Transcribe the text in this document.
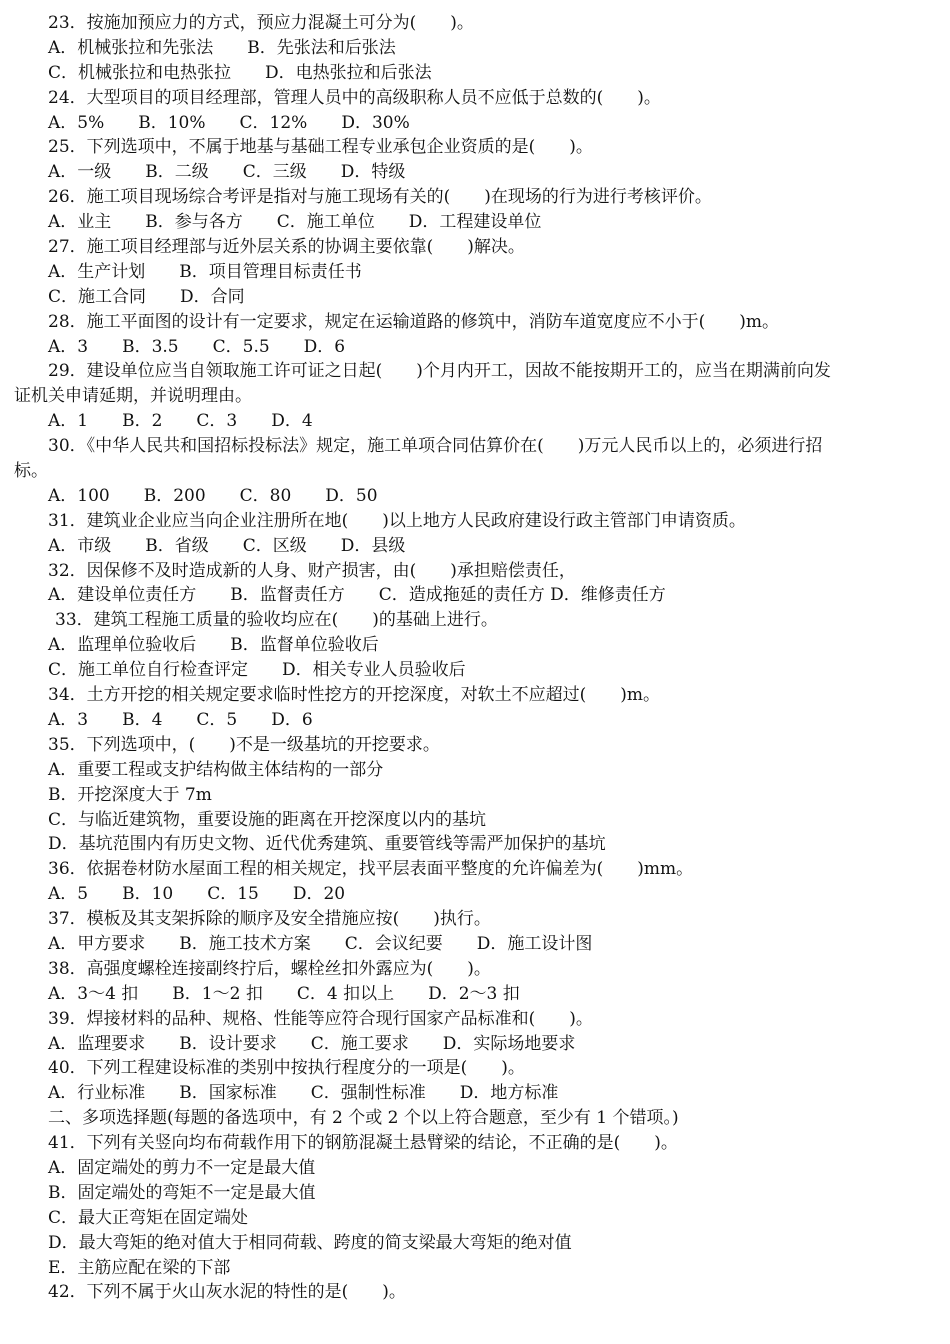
23．按施加预应力的方式，预应力混凝土可分为(　　)。
A．机械张拉和先张法　　B．先张法和后张法
C．机械张拉和电热张拉　　D．电热张拉和后张法
24．大型项目的项目经理部，管理人员中的高级职称人员不应低于总数的(　　)。
A．5%　　B．10%　　C．12%　　D．30%
25．下列选项中，不属于地基与基础工程专业承包企业资质的是(　　)。
A．一级　　B．二级　　C．三级　　D．特级
26．施工项目现场综合考评是指对与施工现场有关的(　　)在现场的行为进行考核评价。
A．业主　　B．参与各方　　C．施工单位　　D．工程建设单位
27．施工项目经理部与近外层关系的协调主要依靠(　　)解决。
A．生产计划　　B．项目管理目标责任书
C．施工合同　　D．合同
28．施工平面图的设计有一定要求，规定在运输道路的修筑中，消防车道宽度应不小于(　　)m。
A．3　　B．3.5　　C．5.5　　D．6
29．建设单位应当自领取施工许可证之日起(　　)个月内开工，因故不能按期开工的，应当在期满前向发
证机关申请延期，并说明理由。
A．1　　B．2　　C．3　　D．4
30．《中华人民共和国招标投标法》规定，施工单项合同估算价在(　　)万元人民币以上的，必须进行招
标。
A．100　　B．200　　C．80　　D．50
31．建筑业企业应当向企业注册所在地(　　)以上地方人民政府建设行政主管部门申请资质。
A．市级　　B．省级　　C．区级　　D．县级
32．因保修不及时造成新的人身、财产损害，由(　　)承担赔偿责任，
A．建设单位责任方　　B．监督责任方　　C．造成拖延的责任方 D．维修责任方
33．建筑工程施工质量的验收均应在(　　)的基础上进行。
A．监理单位验收后　　B．监督单位验收后
C．施工单位自行检查评定　　D．相关专业人员验收后
34．土方开挖的相关规定要求临时性挖方的开挖深度，对软土不应超过(　　)m。
A．3　　B．4　　C．5　　D．6
35．下列选项中，(　　)不是一级基坑的开挖要求。
A．重要工程或支护结构做主体结构的一部分
B．开挖深度大于 7m
C．与临近建筑物，重要设施的距离在开挖深度以内的基坑
D．基坑范围内有历史文物、近代优秀建筑、重要管线等需严加保护的基坑
36．依据卷材防水屋面工程的相关规定，找平层表面平整度的允许偏差为(　　)mm。
A．5　　B．10　　C．15　　D．20
37．模板及其支架拆除的顺序及安全措施应按(　　)执行。
A．甲方要求　　B．施工技术方案　　C．会议纪要　　D．施工设计图
38．高强度螺栓连接副终拧后，螺栓丝扣外露应为(　　)。
A．3～4 扣　　B．1～2 扣　　C．4 扣以上　　D．2～3 扣
39．焊接材料的品种、规格、性能等应符合现行国家产品标准和(　　)。
A．监理要求　　B．设计要求　　C．施工要求　　D．实际场地要求
40．下列工程建设标准的类别中按执行程度分的一项是(　　)。
A．行业标准　　B．国家标准　　C．强制性标准　　D．地方标准
二、多项选择题(每题的备选项中，有 2 个或 2 个以上符合题意，至少有 1 个错项。)
41．下列有关竖向均布荷载作用下的钢筋混凝土悬臂梁的结论，不正确的是(　　)。
A．固定端处的剪力不一定是最大值
B．固定端处的弯矩不一定是最大值
C．最大正弯矩在固定端处
D．最大弯矩的绝对值大于相同荷载、跨度的简支梁最大弯矩的绝对值
E．主筋应配在梁的下部
42．下列不属于火山灰水泥的特性的是(　　)。
